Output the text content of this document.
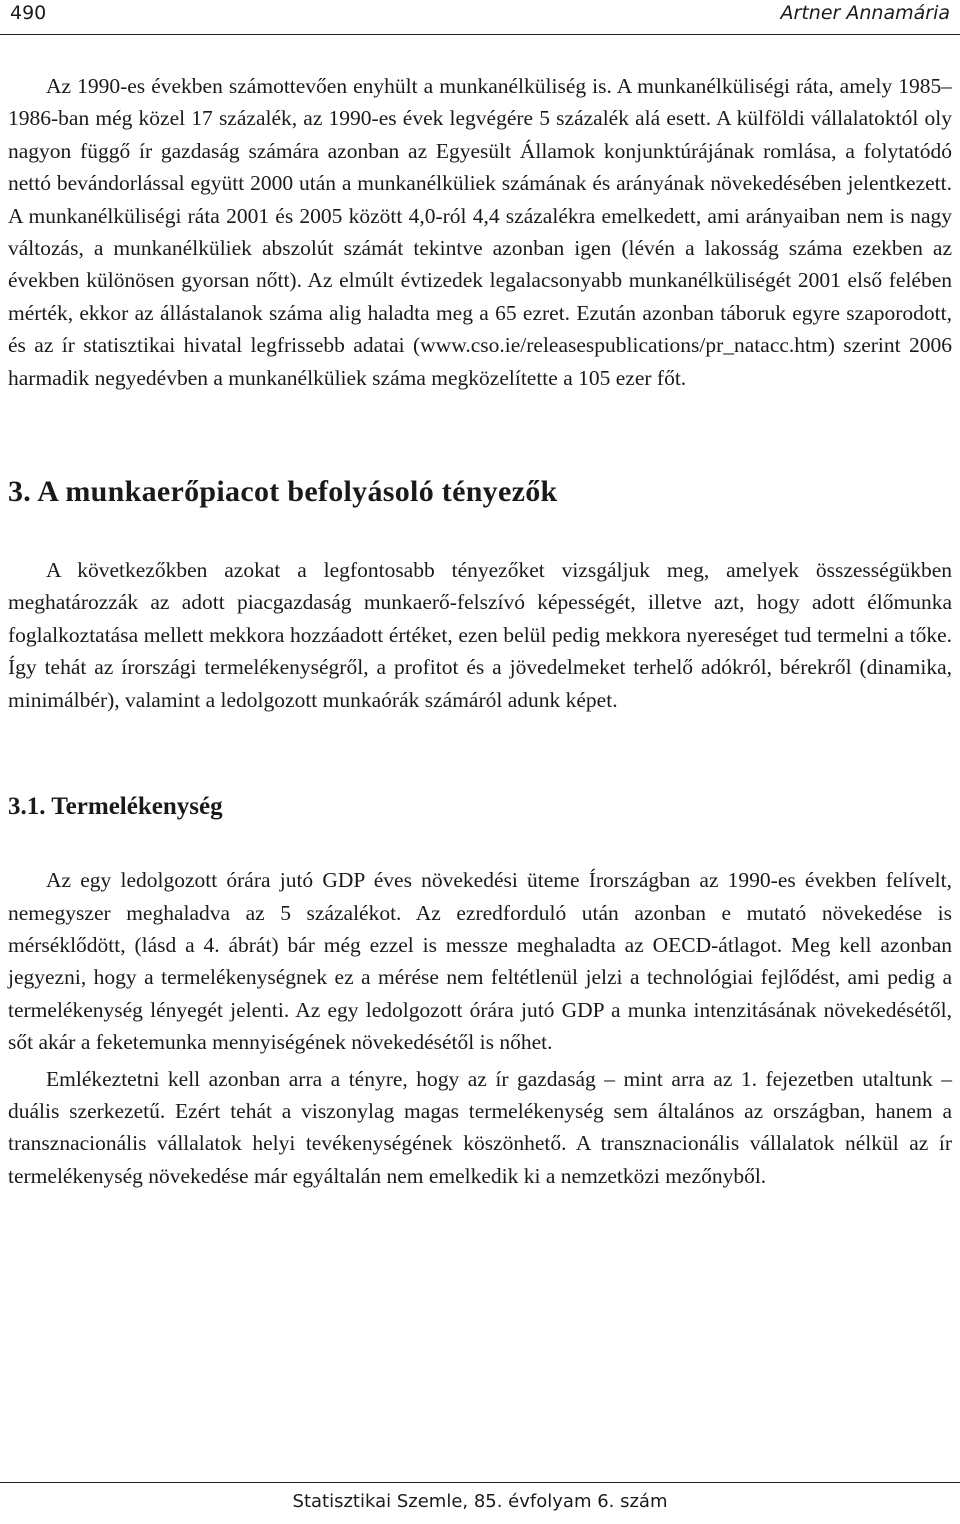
490	Artner Annamária

Az 1990-es években számottevően enyhült a munkanélküliség is. A munkanélküliségi ráta, amely 1985–1986-ban még közel 17 százalék, az 1990-es évek legvégére 5 százalék alá esett. A külföldi vállalatoktól oly nagyon függő ír gazdaság számára azonban az Egyesült Államok konjunktúrájának romlása, a folytatódó nettó bevándorlással együtt 2000 után a munkanélküliek számának és arányának növekedésében jelentkezett. A munkanélküliségi ráta 2001 és 2005 között 4,0-ról 4,4 százalékra emelkedett, ami arányaiban nem is nagy változás, a munkanélküliek abszolút számát tekintve azonban igen (lévén a lakosság száma ezekben az években különösen gyorsan nőtt). Az elmúlt évtizedek legalacsonyabb munkanélküliségét 2001 első felében mérték, ekkor az állástalanok száma alig haladta meg a 65 ezret. Ezután azonban táboruk egyre szaporodott, és az ír statisztikai hivatal legfrissebb adatai (www.cso.ie/releasespublications/pr_natacc.htm) szerint 2006 harmadik negyedévben a munkanélküliek száma megközelítette a 105 ezer főt.

3. A munkaerőpiacot befolyásoló tényezők

A következőkben azokat a legfontosabb tényezőket vizsgáljuk meg, amelyek összességükben meghatározzák az adott piacgazdaság munkaerő-felszívó képességét, illetve azt, hogy adott élőmunka foglalkoztatása mellett mekkora hozzáadott értéket, ezen belül pedig mekkora nyereséget tud termelni a tőke. Így tehát az írországi termelékenységről, a profitot és a jövedelmeket terhelő adókról, bérekről (dinamika, minimálbér), valamint a ledolgozott munkaórák számáról adunk képet.

3.1. Termelékenység

Az egy ledolgozott órára jutó GDP éves növekedési üteme Írországban az 1990-es években felívelt, nemegyszer meghaladva az 5 százalékot. Az ezredforduló után azonban e mutató növekedése is mérséklődött, (lásd a 4. ábrát) bár még ezzel is messze meghaladta az OECD-átlagot. Meg kell azonban jegyezni, hogy a termelékenységnek ez a mérése nem feltétlenül jelzi a technológiai fejlődést, ami pedig a termelékenység lényegét jelenti. Az egy ledolgozott órára jutó GDP a munka intenzitásának növekedésétől, sőt akár a feketemunka mennyiségének növekedésétől is nőhet.

Emlékeztetni kell azonban arra a tényre, hogy az ír gazdaság – mint arra az 1. fejezetben utaltunk – duális szerkezetű. Ezért tehát a viszonylag magas termelékenység sem általános az országban, hanem a transznacionális vállalatok helyi tevékenységének köszönhető. A transznacionális vállalatok nélkül az ír termelékenység növekedése már egyáltalán nem emelkedik ki a nemzetközi mezőnyből.

Statisztikai Szemle, 85. évfolyam 6. szám
